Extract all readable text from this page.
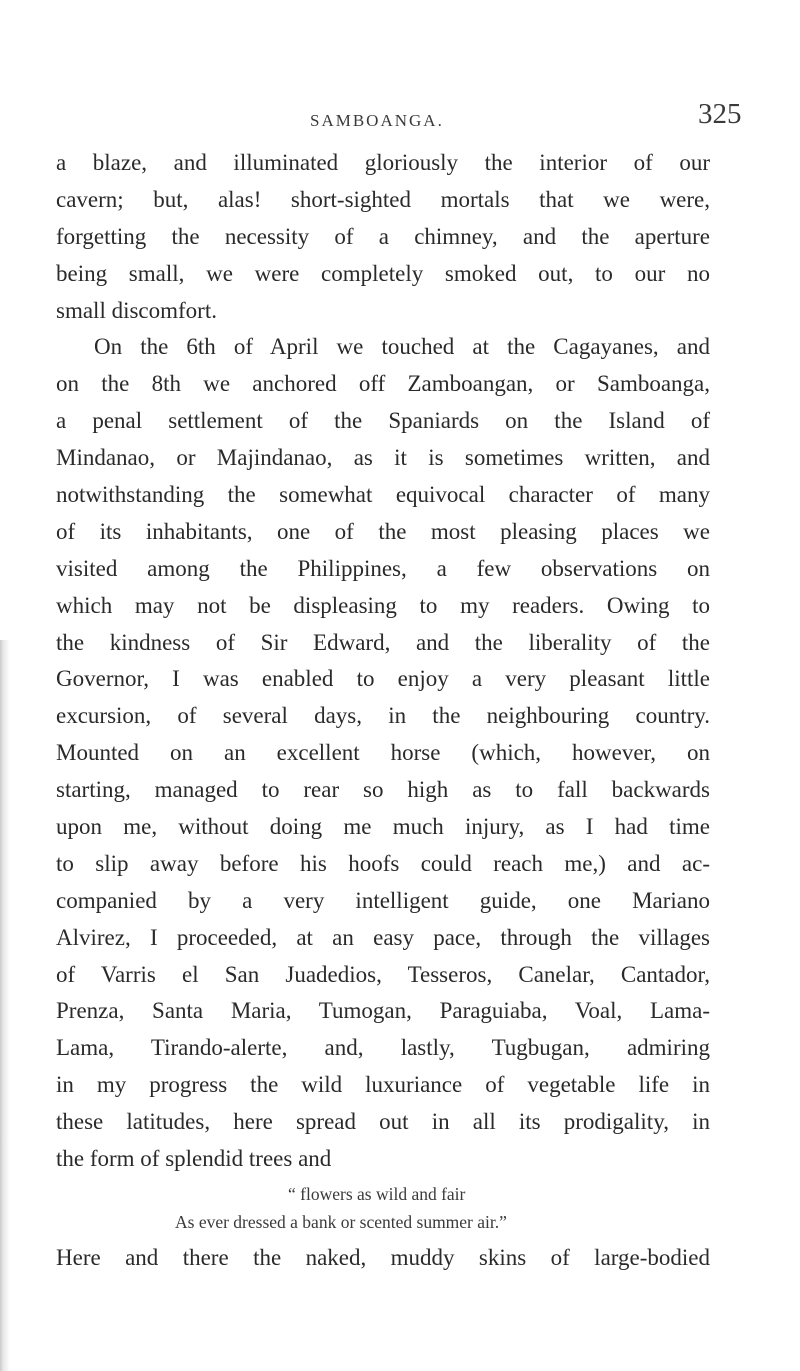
SAMBOANGA.	325
a blaze, and illuminated gloriously the interior of our
cavern; but, alas! short-sighted mortals that we were,
forgetting the necessity of a chimney, and the aperture
being small, we were completely smoked out, to our no
small discomfort.
On the 6th of April we touched at the Cagayanes, and
on the 8th we anchored off Zamboangan, or Samboanga,
a penal settlement of the Spaniards on the Island of
Mindanao, or Majindanao, as it is sometimes written, and
notwithstanding the somewhat equivocal character of many
of its inhabitants, one of the most pleasing places we
visited among the Philippines, a few observations on
which may not be displeasing to my readers. Owing to
the kindness of Sir Edward, and the liberality of the
Governor, I was enabled to enjoy a very pleasant little
excursion, of several days, in the neighbouring country.
Mounted on an excellent horse (which, however, on
starting, managed to rear so high as to fall backwards
upon me, without doing me much injury, as I had time
to slip away before his hoofs could reach me,) and ac-
companied by a very intelligent guide, one Mariano
Alvirez, I proceeded, at an easy pace, through the villages
of Varris el San Juadedios, Tesseros, Canelar, Cantador,
Prenza, Santa Maria, Tumogan, Paraguiaba, Voal, Lama-
Lama, Tirando-alerte, and, lastly, Tugbugan, admiring
in my progress the wild luxuriance of vegetable life in
these latitudes, here spread out in all its prodigality, in
the form of splendid trees and
“ flowers as wild and fair
As ever dressed a bank or scented summer air.”
Here and there the naked, muddy skins of large-bodied
